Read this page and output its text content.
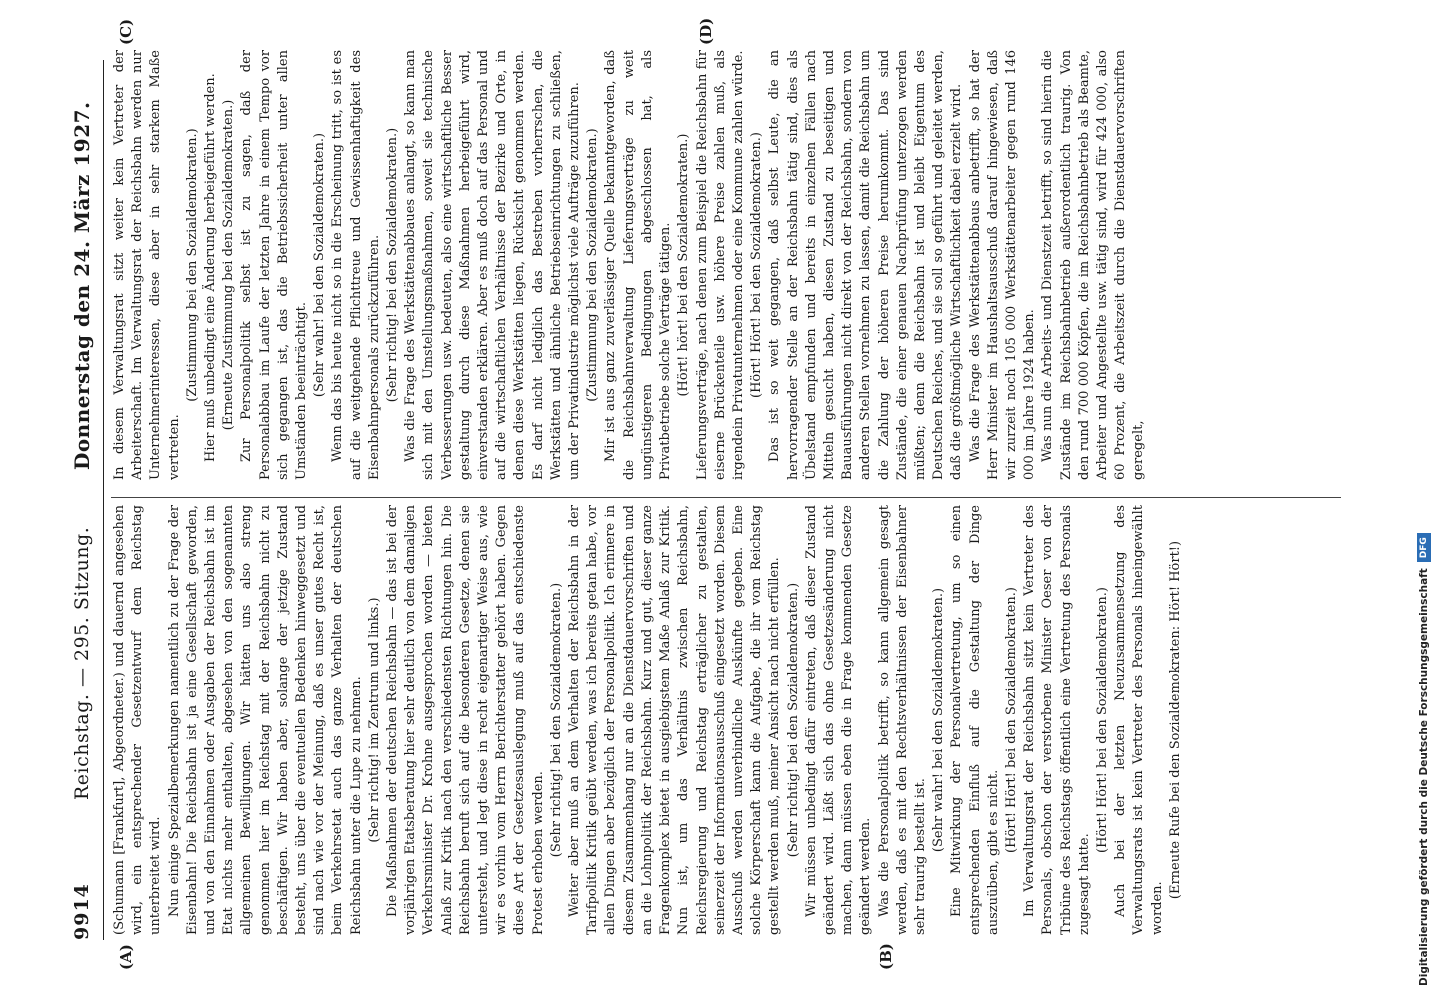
9914
Reichstag. — 295. Sitzung.
Donnerstag den 24. März 1927.
(A)	(B)
(C)	(D)

(Schumann [Frankfurt], Abgeordneter.) und dauernd angesehen wird, ein entsprechender Gesetzentwurf dem Reichstag unterbreitet wird. Nun einige Spezialbemerkungen namentlich zu der Frage der Eisenbahn! Die Reichsbahn ist ja eine Gesellschaft geworden, und von den Einnahmen oder Ausgaben der Reichsbahn ist im Etat nichts mehr enthalten, abgesehen von den sogenannten allgemeinen Bewilligungen. Wir hätten uns also streng genommen hier im Reichstag mit der Reichsbahn nicht zu beschäftigen. Wir haben aber, solange der jetzige Zustand besteht, uns über die eventuellen Bedenken hinweggesetzt und sind nach wie vor der Meinung, daß es unser gutes Recht ist, beim Verkehrsetat auch das ganze Verhalten der deutschen Reichsbahn unter die Lupe zu nehmen. (Sehr richtig! im Zentrum und links.) Die Maßnahmen der deutschen Reichsbahn — das ist bei der vorjährigen Etatsberatung hier sehr deutlich von dem damaligen Verkehrsminister Dr. Krohne ausgesprochen worden — bieten Anlaß zur Kritik nach den verschiedensten Richtungen hin. Die Reichsbahn beruft sich auf die besonderen Gesetze, denen sie untersteht, und legt diese in recht eigenartiger Weise aus, wie wir es vorhin vom Herrn Berichterstatter gehört haben. Gegen diese Art der Gesetzesauslegung muß auf das entschiedenste Protest erhoben werden. (Sehr richtig! bei den Sozialdemokraten.) Weiter aber muß an dem Verhalten der Reichsbahn in der Tarifpolitik Kritik geübt werden, was ich bereits getan habe, vor allen Dingen aber bezüglich der Personalpolitik. Ich erinnere in diesem Zusammenhang nur an die Dienstdauervorschriften und an die Lohnpolitik der Reichsbahn. Kurz und gut, dieser ganze Fragenkomplex bietet in ausgiebigstem Maße Anlaß zur Kritik. Nun ist, um das Verhältnis zwischen Reichsbahn, Reichsregierung und Reichstag erträglicher zu gestalten, seinerzeit der Informationsausschuß eingesetzt worden. Diesem Ausschuß werden unverbindliche Auskünfte gegeben. Eine solche Körperschaft kann die Aufgabe, die ihr vom Reichstag gestellt werden muß, meiner Ansicht nach nicht erfüllen. (Sehr richtig! bei den Sozialdemokraten.) Wir müssen unbedingt dafür eintreten, daß dieser Zustand geändert wird. Läßt sich das ohne Gesetzesänderung nicht machen, dann müssen eben die in Frage kommenden Gesetze geändert werden. Was die Personalpolitik betrifft, so kann allgemein gesagt werden, daß es mit den Rechtsverhältnissen der Eisenbahner sehr traurig bestellt ist.

(Sehr wahr! bei den Sozialdemokraten.) Eine Mitwirkung der Personalvertretung, um so einen entsprechenden Einfluß auf die Gestaltung der Dinge auszuüben, gibt es nicht. (Hört! Hört! bei den Sozialdemokraten.) Im Verwaltungsrat der Reichsbahn sitzt kein Vertreter des Personals, obschon der verstorbene Minister Oeser von der Tribüne des Reichstags öffentlich eine Vertretung des Personals zugesagt hatte.

(Hört! Hört! bei den Sozialdemokraten.) Auch bei der letzten Neuzusammensetzung des Verwaltungsrats ist kein Vertreter des Personals hineingewählt worden.

(Erneute Rufe bei den Sozialdemokraten: Hört! Hört!)

In diesem Verwaltungsrat sitzt weiter kein Vertreter der Arbeiterschaft. Im Verwaltungsrat der Reichsbahn werden nur Unternehmerinteressen, diese aber in sehr starkem Maße vertreten.

(Zustimmung bei den Sozialdemokraten.) Hier muß unbedingt eine Änderung herbeigeführt werden. (Erneute Zustimmung bei den Sozialdemokraten.) Zur Personalpolitik selbst ist zu sagen, daß der Personalabbau im Laufe der letzten Jahre in einem Tempo vor sich gegangen ist, das die Betriebssicherheit unter allen Umständen beeinträchtigt. (Sehr wahr! bei den Sozialdemokraten.) Wenn das bis heute nicht so in die Erscheinung tritt, so ist es auf die weitgehende Pflichttreue und Gewissenhaftigkeit des Eisenbahnpersonals zurückzuführen. (Sehr richtig! bei den Sozialdemokraten.) Was die Frage des Werkstättenabbaues anlangt, so kann man sich mit den Umstellungsmaßnahmen, soweit sie technische Verbesserungen usw. bedeuten, also eine wirtschaftliche Besser gestaltung durch diese Maßnahmen herbeigeführt wird, einverstanden erklären. Aber es muß doch auf das Personal und auf die wirtschaftlichen Verhältnisse der Bezirke und Orte, in denen diese Werkstätten liegen, Rücksicht genommen werden. Es darf nicht lediglich das Bestreben vorherrschen, die Werkstätten und ähnliche Betriebseinrichtungen zu schließen, um der Privatindustrie möglichst viele Aufträge zuzuführen. (Zustimmung bei den Sozialdemokraten.) Mir ist aus ganz zuverlässiger Quelle bekanntgeworden, daß die Reichsbahnverwaltung Lieferungsverträge zu weit ungünstigeren Bedingungen abgeschlossen hat, als Privatbetriebe solche Verträge tätigen. (Hört! hört! bei den Sozialdemokraten.) Lieferungsverträge, nach denen zum Beispiel die Reichsbahn für eiserne Brückenteile usw. höhere Preise zahlen muß, als irgendein Privatunternehmen oder eine Kommune zahlen würde. (Hört! Hört! bei den Sozialdemokraten.) Das ist so weit gegangen, daß selbst Leute, die an hervorragender Stelle an der Reichsbahn tätig sind, dies als Übelstand empfunden und bereits in einzelnen Fällen nach Mitteln gesucht haben, diesen Zustand zu beseitigen und Bauausführungen nicht direkt von der Reichsbahn, sondern von anderen Stellen vornehmen zu lassen, damit die Reichsbahn um die Zahlung der höheren Preise herumkommt. Das sind Zustände, die einer genauen Nachprüfung unterzogen werden müßten; denn die Reichsbahn ist und bleibt Eigentum des Deutschen Reiches, und sie soll so geführt und geleitet werden, daß die größtmögliche Wirtschaftlichkeit dabei erzielt wird. Was die Frage des Werkstättenabbaus anbetrifft, so hat der Herr Minister im Haushaltsausschuß darauf hingewiesen, daß wir zurzeit noch 105 000 Werkstättenarbeiter gegen rund 146 000 im Jahre 1924 haben. Was nun die Arbeits- und Dienstzeit betrifft, so sind hierin die Zustände im Reichsbahnbetrieb außerordentlich traurig. Von den rund 700 000 Köpfen, die im Reichsbahnbetrieb als Beamte, Arbeiter und Angestellte usw. tätig sind, wird für 424 000, also 60 Prozent, die Arbeitszeit durch die Dienstdauervorschriften geregelt,

Digitalisierung gefördert durch die Deutsche ForschungsgemeinschaftDFG
